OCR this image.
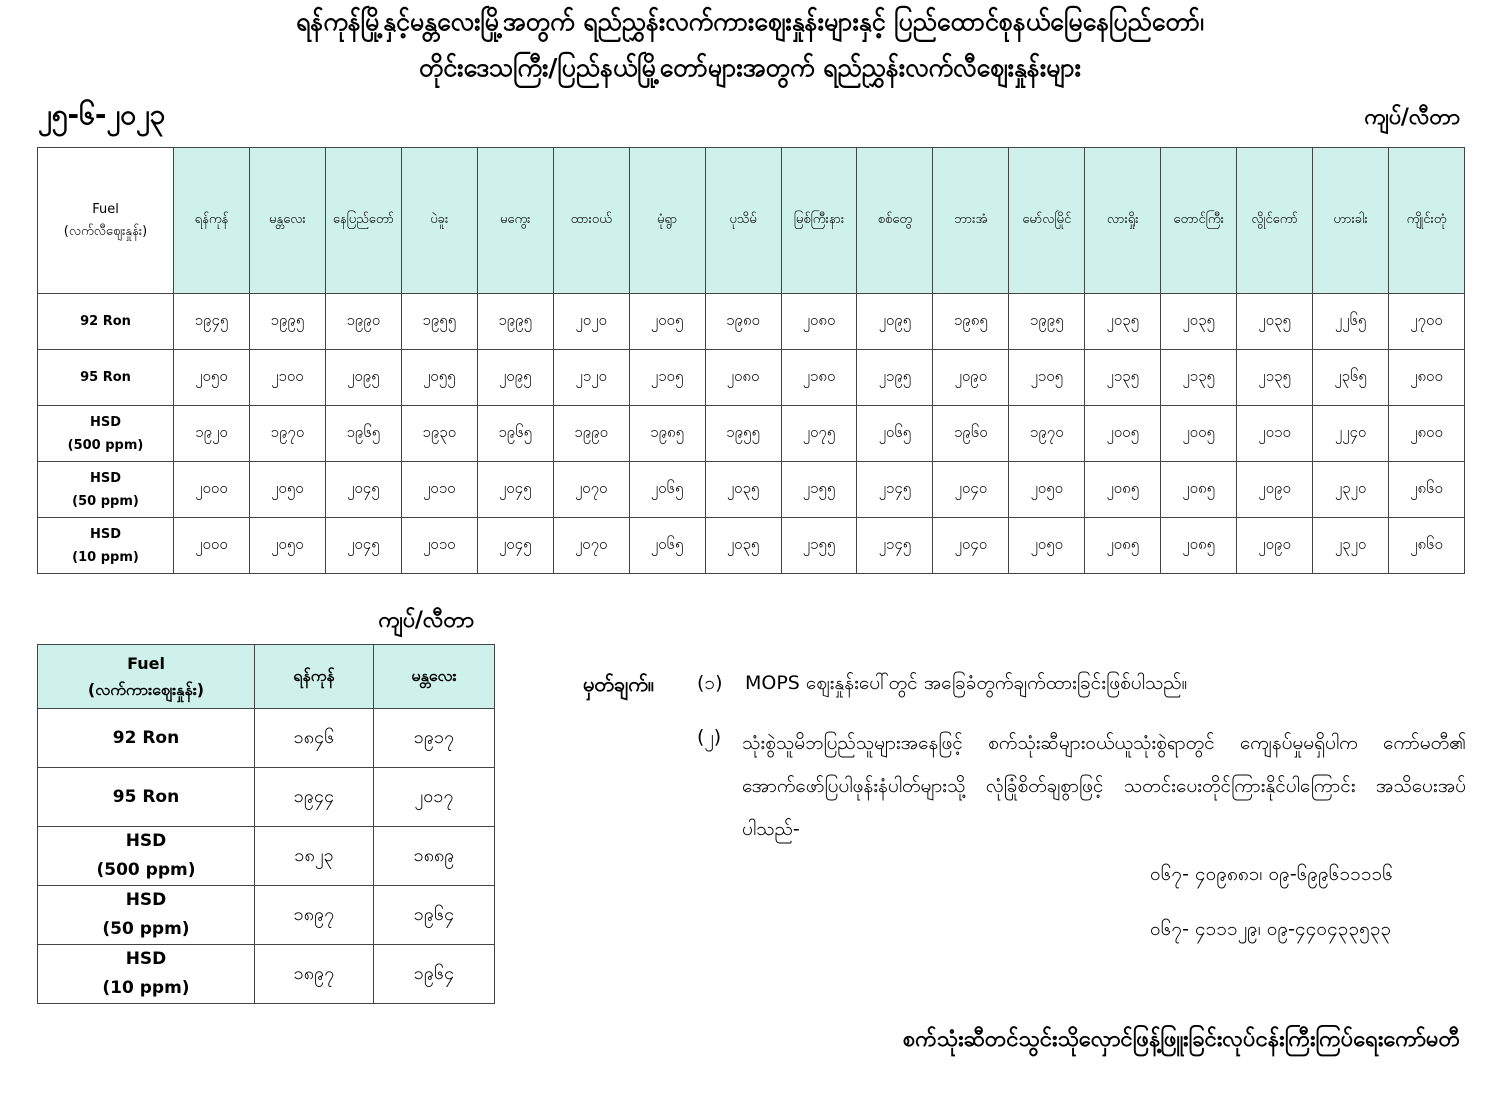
ရန်ကုန်မြို့နှင့်မန္တလေးမြို့အတွက် ရည်ညွှန်းလက်ကားဈေးနှုန်းများနှင့် ပြည်ထောင်စုနယ်မြေနေပြည်တော်၊
တိုင်းဒေသကြီး/ပြည်နယ်မြို့တော်များအတွက် ရည်ညွှန်းလက်လီဈေးနှုန်းများ
၂၅-၆-၂၀၂၃	ကျပ်/လီတာ
Fuel
(လက်လီဈေးနှုန်း)	ရန်ကုန်	မန္တလေး	နေပြည်တော်	ပဲခူး	မကွေး	ထားဝယ်	မုံရွာ	ပုသိမ်	မြစ်ကြီးနား	စစ်တွေ	ဘားအံ	မော်လမြိုင်	လားရှိုး	တောင်ကြီး	လွိုင်ကော်	ဟားခါး	ကျိုင်းတုံ

92 Ron	၁၉၄၅	၁၉၉၅	၁၉၉၀	၁၉၅၅	၁၉၉၅	၂၀၂၀	၂၀၀၅	၁၉၈၀	၂၀၈၀	၂၀၉၅	၁၉၈၅	၁၉၉၅	၂၀၃၅	၂၀၃၅	၂၀၃၅	၂၂၆၅	၂၇၀၀

95 Ron	၂၀၅၀	၂၁၀၀	၂၀၉၅	၂၀၅၅	၂၀၉၅	၂၁၂၀	၂၁၀၅	၂၀၈၀	၂၁၈၀	၂၁၉၅	၂၀၉၀	၂၁၀၅	၂၁၃၅	၂၁၃၅	၂၁၃၅	၂၃၆၅	၂၈၀၀

HSD
(500 ppm)	၁၉၂၀	၁၉၇၀	၁၉၆၅	၁၉၃၀	၁၉၆၅	၁၉၉၀	၁၉၈၅	၁၉၅၅	၂၀၇၅	၂၀၆၅	၁၉၆၀	၁၉၇၀	၂၀၀၅	၂၀၀၅	၂၀၁၀	၂၂၄၀	၂၈၀၀

HSD
(50 ppm)	၂၀၀၀	၂၀၅၀	၂၀၄၅	၂၀၁၀	၂၀၄၅	၂၀၇၀	၂၀၆၅	၂၀၃၅	၂၁၅၅	၂၁၄၅	၂၀၄၀	၂၀၅၀	၂၀၈၅	၂၀၈၅	၂၀၉၀	၂၃၂၀	၂၈၆၀

HSD
(10 ppm)	၂၀၀၀	၂၀၅၀	၂၀၄၅	၂၀၁၀	၂၀၄၅	၂၀၇၀	၂၀၆၅	၂၀၃၅	၂၁၅၅	၂၁၄၅	၂၀၄၀	၂၀၅၀	၂၀၈၅	၂၀၈၅	၂၀၉၀	၂၃၂၀	၂၈၆၀
ကျပ်/လီတာ
Fuel
(လက်ကားဈေးနှုန်း)	ရန်ကုန်	မန္တလေး

92 Ron	၁၈၄၆	၁၉၁၇

95 Ron	၁၉၄၄	၂၀၁၇

HSD
(500 ppm)	၁၈၂၃	၁၈၈၉

HSD
(50 ppm)	၁၈၉၇	၁၉၆၄

HSD
(10 ppm)	၁၈၉၇	၁၉၆၄
မှတ်ချက်။ (၁) MOPS ဈေးနှုန်းပေါ်တွင် အခြေခံတွက်ချက်ထားခြင်းဖြစ်ပါသည်။
(၂) သုံးစွဲသူမိဘပြည်သူများအနေဖြင့် စက်သုံးဆီများဝယ်ယူသုံးစွဲရာတွင် ကျေနပ်မှုမရှိပါက ကော်မတီ၏ အောက်ဖော်ပြပါဖုန်းနံပါတ်များသို့ လုံခြုံစိတ်ချစွာဖြင့် သတင်းပေးတိုင်ကြားနိုင်ပါကြောင်း အသိပေးအပ်ပါသည်-
၀၆၇- ၄၀၉၈၈၁၊ ၀၉-၆၉၉၆၁၁၁၁၆
၀၆၇- ၄၁၁၁၂၉၊ ၀၉-၄၄၀၄၃၃၅၃၃
စက်သုံးဆီတင်သွင်းသိုလှောင်ဖြန့်ဖြူးခြင်းလုပ်ငန်းကြီးကြပ်ရေးကော်မတီ
